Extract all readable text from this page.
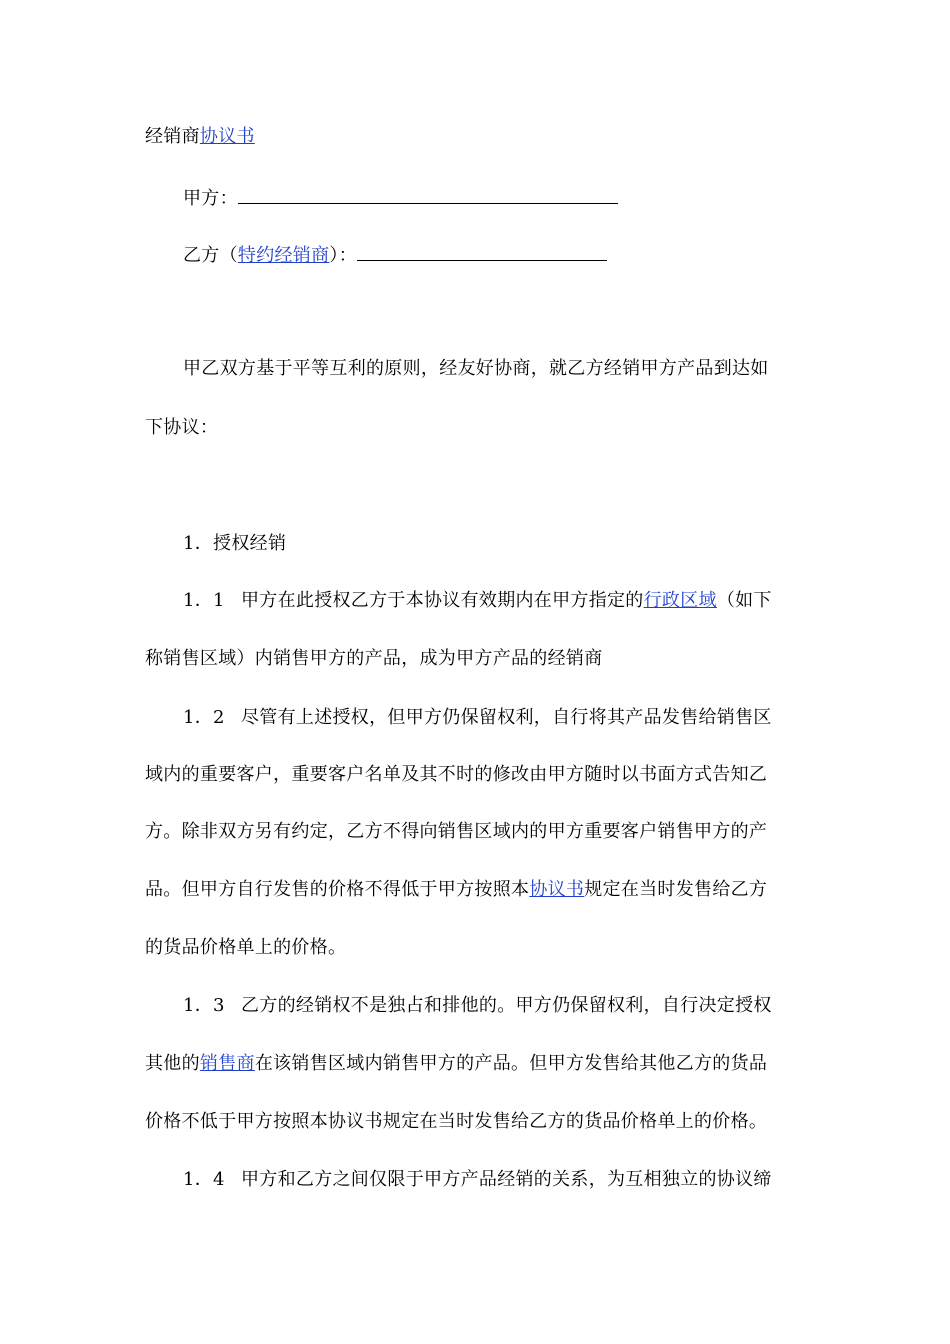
经销商协议书
甲方：
乙方（特约经销商）：
甲乙双方基于平等互利的原则，经友好协商，就乙方经销甲方产品到达如
下协议：
1．授权经销
1．1 甲方在此授权乙方于本协议有效期内在甲方指定的行政区域（如下
称销售区域）内销售甲方的产品，成为甲方产品的经销商
1．2 尽管有上述授权，但甲方仍保留权利，自行将其产品发售给销售区
域内的重要客户，重要客户名单及其不时的修改由甲方随时以书面方式告知乙
方。除非双方另有约定，乙方不得向销售区域内的甲方重要客户销售甲方的产
品。但甲方自行发售的价格不得低于甲方按照本协议书规定在当时发售给乙方
的货品价格单上的价格。
1．3 乙方的经销权不是独占和排他的。甲方仍保留权利，自行决定授权
其他的销售商在该销售区域内销售甲方的产品。但甲方发售给其他乙方的货品
价格不低于甲方按照本协议书规定在当时发售给乙方的货品价格单上的价格。
1．4 甲方和乙方之间仅限于甲方产品经销的关系，为互相独立的协议缔
